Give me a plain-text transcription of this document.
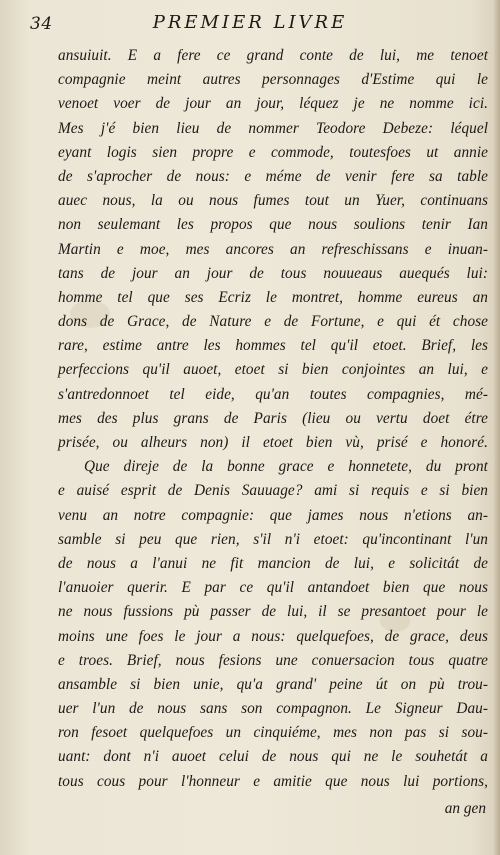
34	PREMIER LIVRE
ansuiuit. E a fere ce grand conte de lui, me tenoet
compagnie meint autres personnages d'Estime qui le
venoet voer de jour an jour, léquez je ne nomme ici.
Mes j'é bien lieu de nommer Teodore Debeze: léquel
eyant logis sien propre e commode, toutesfoes ut annie
de s'aprocher de nous: e méme de venir fere sa table
auec nous, la ou nous fumes tout un Yuer, continuans
non seulemant les propos que nous soulions tenir Ian
Martin e moe, mes ancores an refreschissans e inuan-
tans de jour an jour de tous nouueaus auequés lui:
homme tel que ses Ecriz le montret, homme eureus an
dons de Grace, de Nature e de Fortune, e qui ét chose
rare, estime antre les hommes tel qu'il etoet. Brief, les
perfeccions qu'il auoet, etoet si bien conjointes an lui, e
s'antredonnoet tel eide, qu'an toutes compagnies, mé-
mes des plus grans de Paris (lieu ou vertu doet étre
prisée, ou alheurs non) il etoet bien vù, prisé e honoré.
Que direje de la bonne grace e honnetete, du pront
e auisé esprit de Denis Sauuage? ami si requis e si bien
venu an notre compagnie: que james nous n'etions an-
samble si peu que rien, s'il n'i etoet: qu'incontinant l'un
de nous a l'anui ne fit mancion de lui, e solicitát de
l'anuoier querir. E par ce qu'il antandoet bien que nous
ne nous fussions pù passer de lui, il se presantoet pour le
moins une foes le jour a nous: quelquefoes, de grace, deus
e troes. Brief, nous fesions une conuersacion tous quatre
ansamble si bien unie, qu'a grand' peine út on pù trou-
uer l'un de nous sans son compagnon. Le Signeur Dau-
ron fesoet quelquefoes un cinquiéme, mes non pas si sou-
uant: dont n'i auoet celui de nous qui ne le souhetát a
tous cous pour l'honneur e amitie que nous lui portions,
an gen
